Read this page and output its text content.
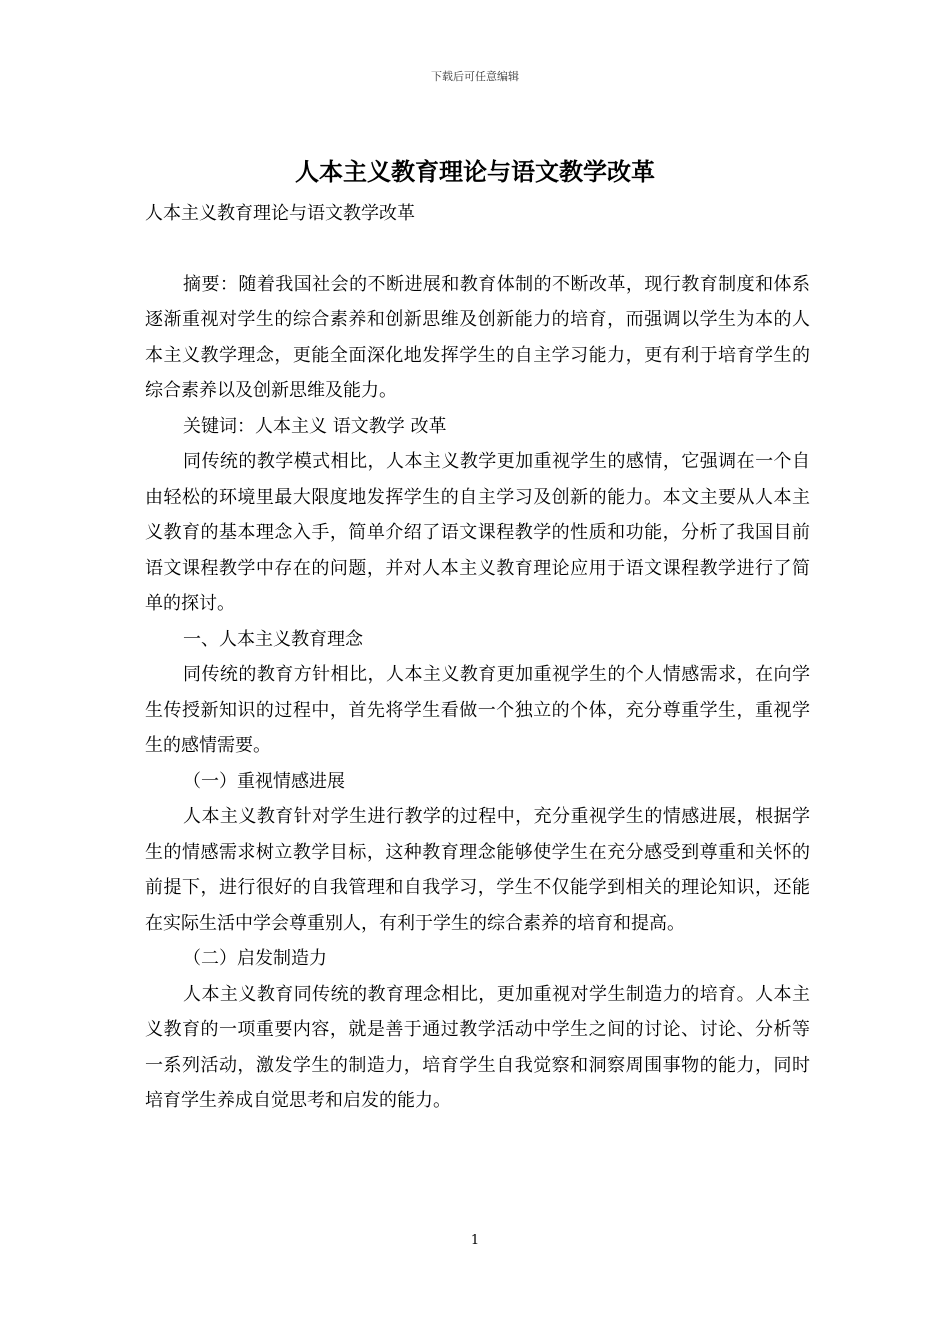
下载后可任意编辑
人本主义教育理论与语文教学改革

人本主义教育理论与语文教学改革

摘要：随着我国社会的不断进展和教育体制的不断改革，现行教育制度和体系逐渐重视对学生的综合素养和创新思维及创新能力的培育，而强调以学生为本的人本主义教学理念，更能全面深化地发挥学生的自主学习能力，更有利于培育学生的综合素养以及创新思维及能力。

关键词：人本主义 语文教学 改革

同传统的教学模式相比，人本主义教学更加重视学生的感情，它强调在一个自由轻松的环境里最大限度地发挥学生的自主学习及创新的能力。本文主要从人本主义教育的基本理念入手，简单介绍了语文课程教学的性质和功能，分析了我国目前语文课程教学中存在的问题，并对人本主义教育理论应用于语文课程教学进行了简单的探讨。

一、人本主义教育理念

同传统的教育方针相比，人本主义教育更加重视学生的个人情感需求，在向学生传授新知识的过程中，首先将学生看做一个独立的个体，充分尊重学生，重视学生的感情需要。

（一）重视情感进展

人本主义教育针对学生进行教学的过程中，充分重视学生的情感进展，根据学生的情感需求树立教学目标，这种教育理念能够使学生在充分感受到尊重和关怀的前提下，进行很好的自我管理和自我学习，学生不仅能学到相关的理论知识，还能在实际生活中学会尊重别人，有利于学生的综合素养的培育和提高。

（二）启发制造力

人本主义教育同传统的教育理念相比，更加重视对学生制造力的培育。人本主义教育的一项重要内容，就是善于通过教学活动中学生之间的讨论、讨论、分析等一系列活动，激发学生的制造力，培育学生自我觉察和洞察周围事物的能力，同时培育学生养成自觉思考和启发的能力。

1
